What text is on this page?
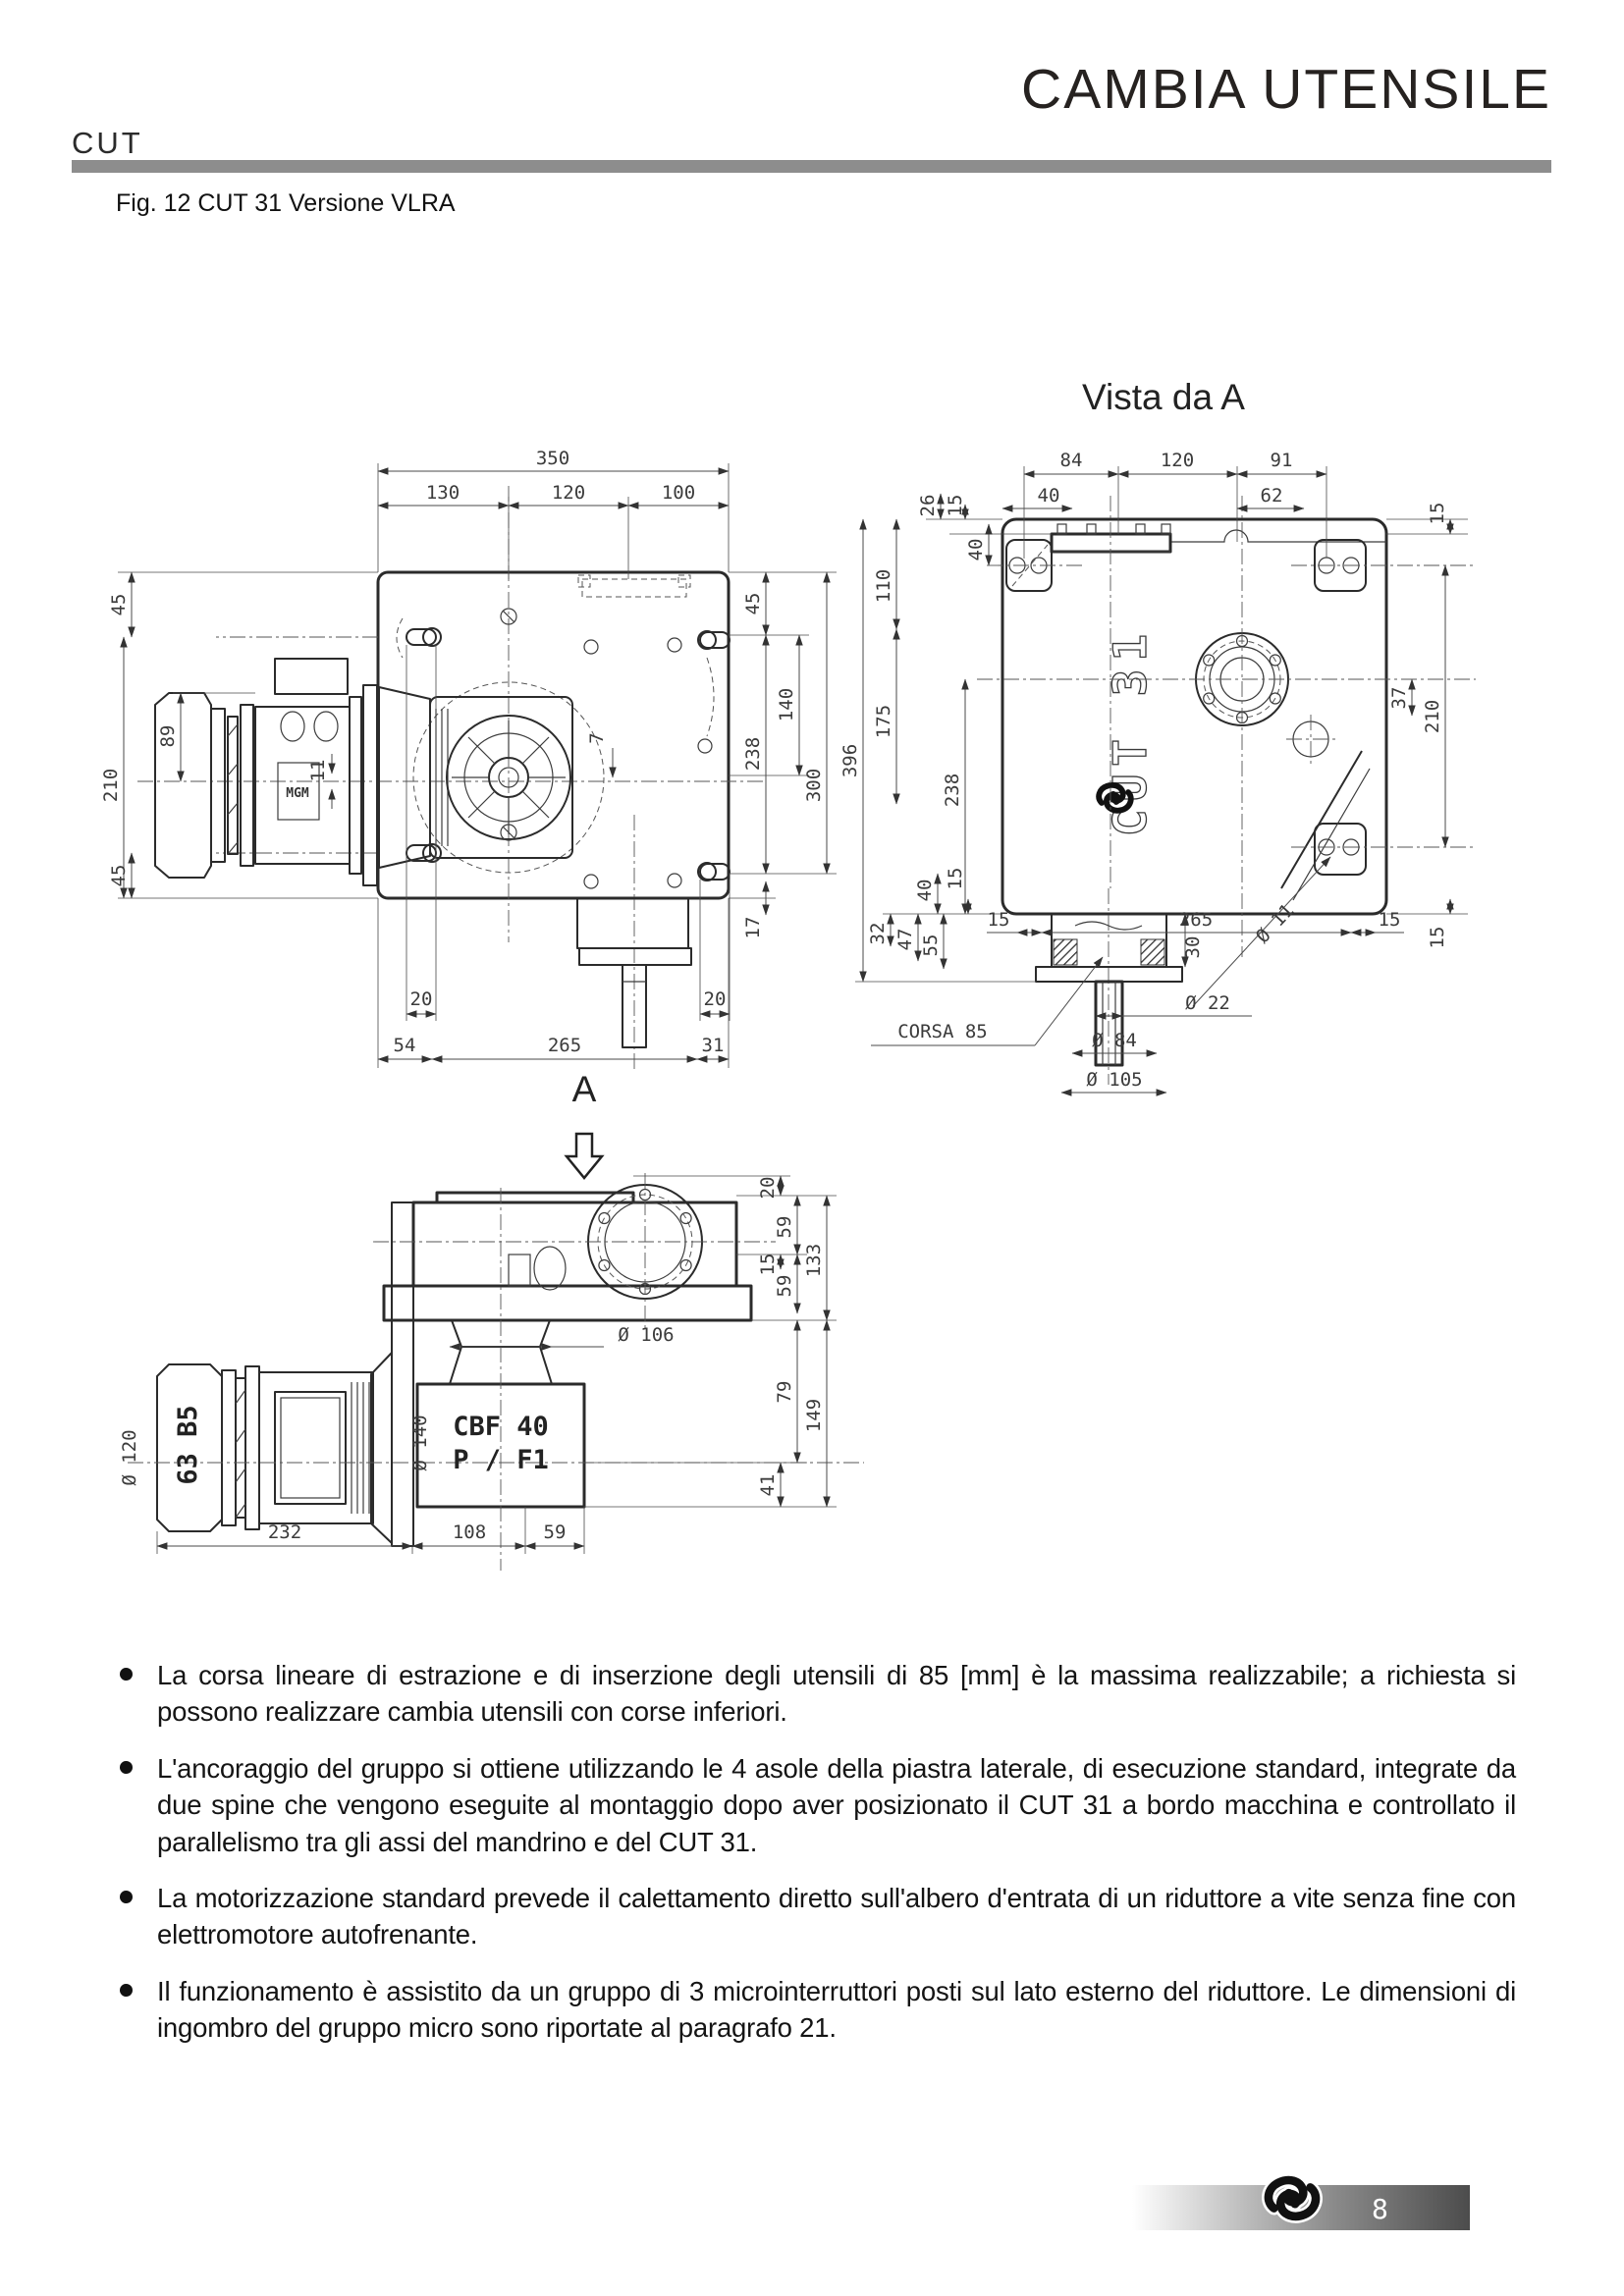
CUT
CAMBIA UTENSILE
Fig. 12 CUT 31 Versione VLRA
350
130	120	100
45
210
89
11
45
45
140
238
300
17
20
54	265
20
31
7
MGM
Vista da A
CUT 31
84	120	91
40	62
26 15
40
110
175
396
238
40
15
32 47 55
15	265	15
Ø 22
Ø 84
Ø 105
CORSA 85
Ø 11
30
15
37
210
15
A
20
59
15
59
133
79
41
149
Ø 106
Ø 140
Ø 120
232	108	59
63 B5	CBF 40
P / F1
La corsa lineare di estrazione e di inserzione degli utensili di 85 [mm] è la massima realizzabile; a richiesta si possono realizzare cambia utensili con corse inferiori.
L'ancoraggio del gruppo si ottiene utilizzando le 4 asole della piastra laterale, di esecuzione standard, integrate da due spine che vengono eseguite al montaggio dopo aver posizionato il CUT 31 a bordo macchina e controllato il parallelismo tra gli assi del mandrino e del CUT 31.
La motorizzazione standard prevede il calettamento diretto sull'albero d'entrata di un riduttore a vite senza fine con elettromotore autofrenante.
Il funzionamento è assistito da un gruppo di 3 microinterruttori posti sul lato esterno del riduttore. Le dimensioni di ingombro del gruppo micro sono riportate al paragrafo 21.
8
